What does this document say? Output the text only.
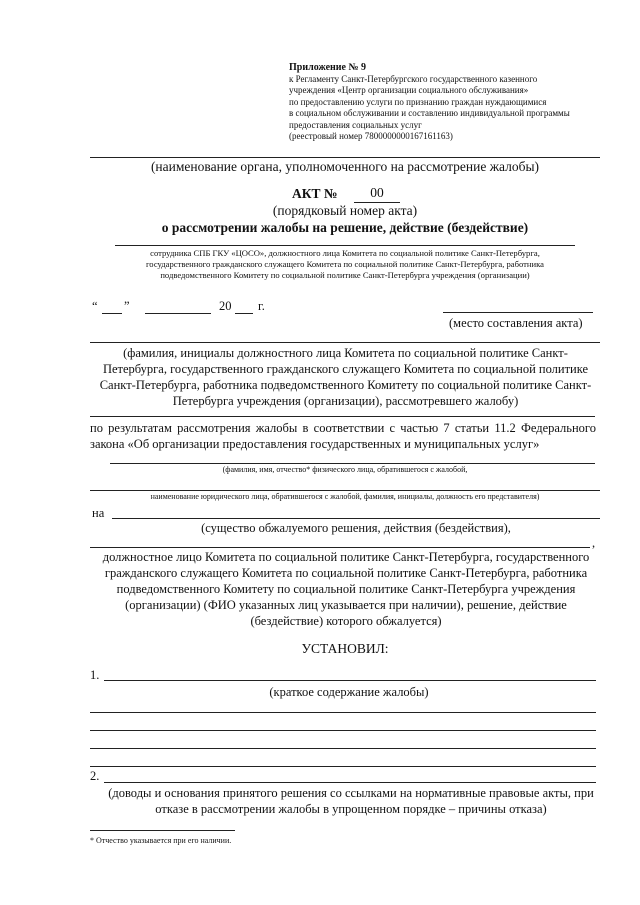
Приложение № 9
к Регламенту Санкт-Петербургского государственного казенного
учреждения «Центр организации социального обслуживания»
по предоставлению услуги по признанию граждан нуждающимися
в социальном обслуживании и составлению индивидуальной программы
предоставления социальных услуг
(реестровый номер 7800000000167161163)
(наименование органа, уполномоченного на рассмотрение жалобы)
АКТ №	00
(порядковый номер акта)
о рассмотрении жалобы на решение, действие (бездействие)
сотрудника СПБ ГКУ «ЦОСО», должностного лица Комитета по социальной политике Санкт-Петербурга,
государственного гражданского служащего Комитета по социальной политике Санкт-Петербурга, работника
подведомственного Комитету по социальной политике Санкт-Петербурга учреждения (организации)
“ ”	20 г.
(место составления акта)
(фамилия, инициалы должностного лица Комитета по социальной политике Санкт-Петербурга, государственного гражданского служащего Комитета по социальной политике Санкт-Петербурга, работника подведомственного Комитету по социальной политике Санкт-Петербурга учреждения (организации), рассмотревшего жалобу)
по результатам рассмотрения жалобы в соответствии с частью 7 статьи 11.2 Федерального закона «Об организации предоставления государственных и муниципальных услуг»
(фамилия, имя, отчество* физического лица, обратившегося с жалобой,
наименование юридического лица, обратившегося с жалобой, фамилия, инициалы, должность его представителя)
на
(существо обжалуемого решения, действия (бездействия),
,
должностное лицо Комитета по социальной политике Санкт-Петербурга, государственного гражданского служащего Комитета по социальной политике Санкт-Петербурга, работника подведомственного Комитету по социальной политике Санкт-Петербурга учреждения (организации) (ФИО указанных лиц указывается при наличии), решение, действие (бездействие) которого обжалуется)
УСТАНОВИЛ:
1.
(краткое содержание жалобы)
2.
(доводы и основания принятого решения со ссылками на нормативные правовые акты, при отказе в рассмотрении жалобы в упрощенном порядке – причины отказа)
* Отчество указывается при его наличии.
